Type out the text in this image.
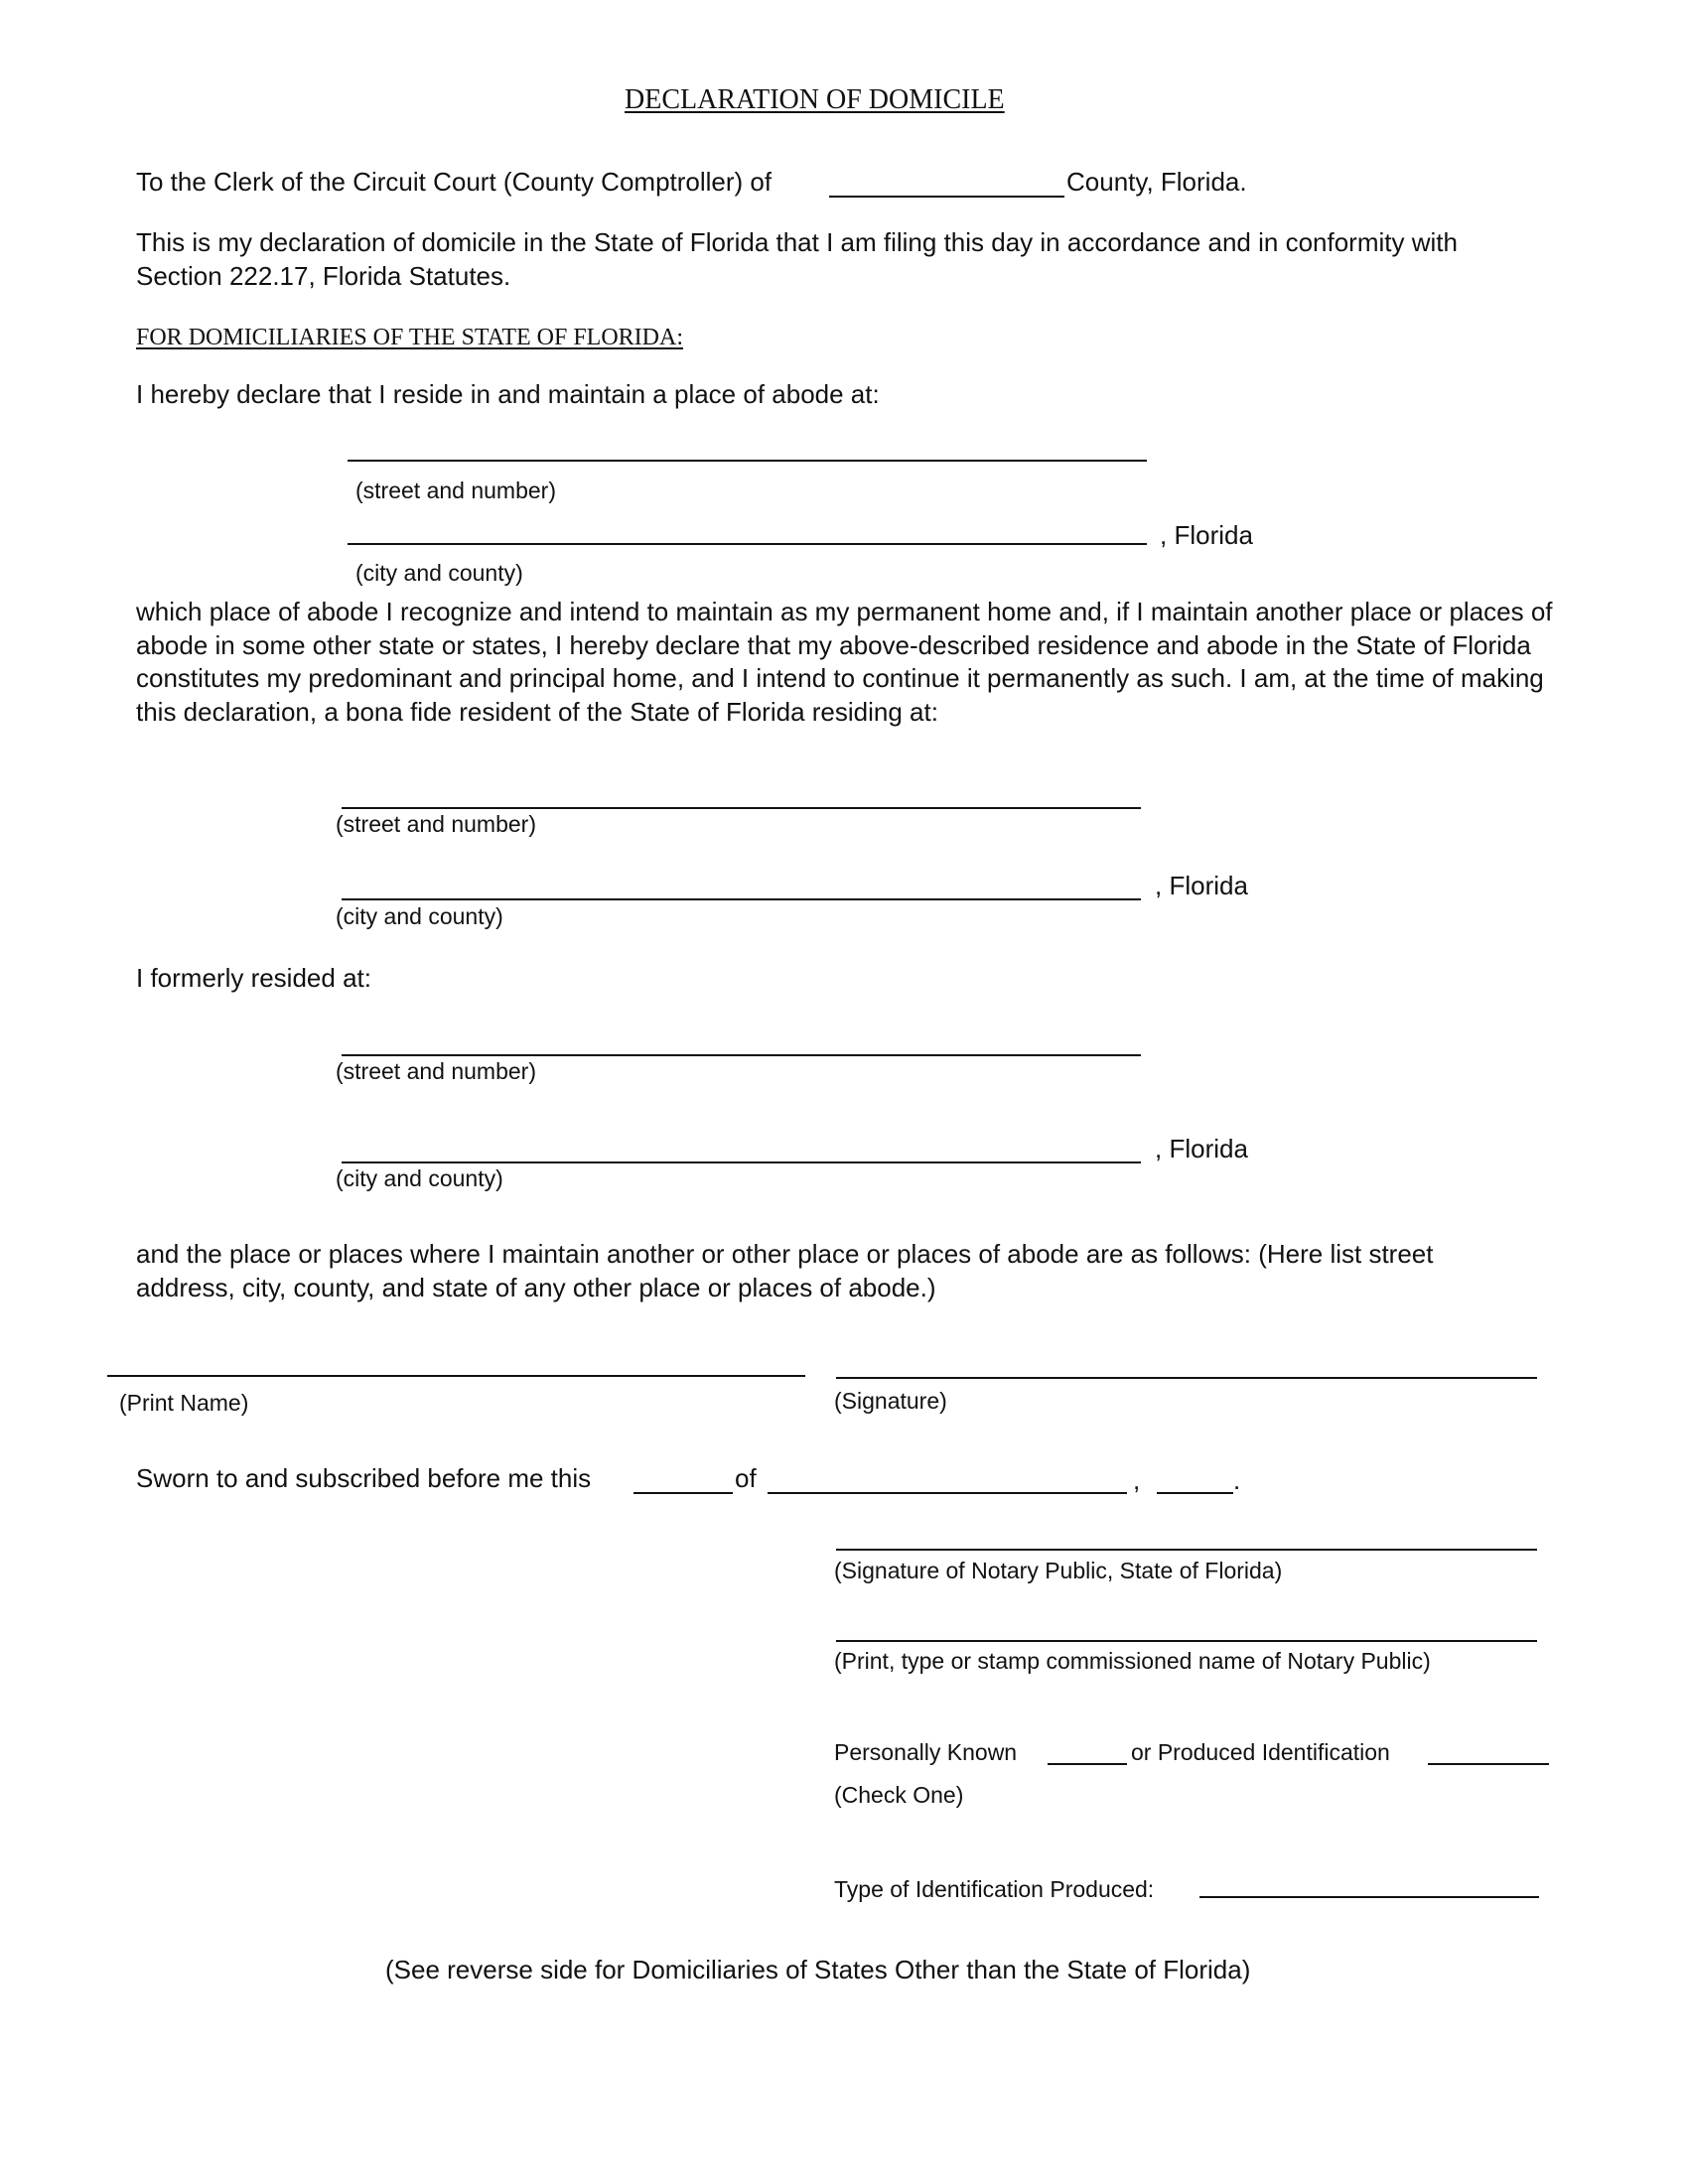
DECLARATION OF DOMICILE
To the Clerk of the Circuit Court (County Comptroller) of	County, Florida.
This is my declaration of domicile in the State of Florida that I am filing this day in accordance and in conformity with Section 222.17, Florida Statutes.
FOR DOMICILIARIES OF THE STATE OF FLORIDA:
I hereby declare that I reside in and maintain a place of abode at:
(street and number)
, Florida
(city and county)
which place of abode I recognize and intend to maintain as my permanent home and, if I maintain another place or places of abode in some other state or states, I hereby declare that my above-described residence and abode in the State of Florida constitutes my predominant and principal home, and I intend to continue it permanently as such. I am, at the time of making this declaration, a bona fide resident of the State of Florida residing at:
(street and number)
, Florida
(city and county)
I formerly resided at:
(street and number)
, Florida
(city and county)
and the place or places where I maintain another or other place or places of abode are as follows: (Here list street address, city, county, and state of any other place or places of abode.)
(Print Name)	(Signature)
Sworn to and subscribed before me this	of	,	.
(Signature of Notary Public, State of Florida)
(Print, type or stamp commissioned name of Notary Public)
Personally Known	or Produced Identification
(Check One)
Type of Identification Produced:
(See reverse side for Domiciliaries of States Other than the State of Florida)
